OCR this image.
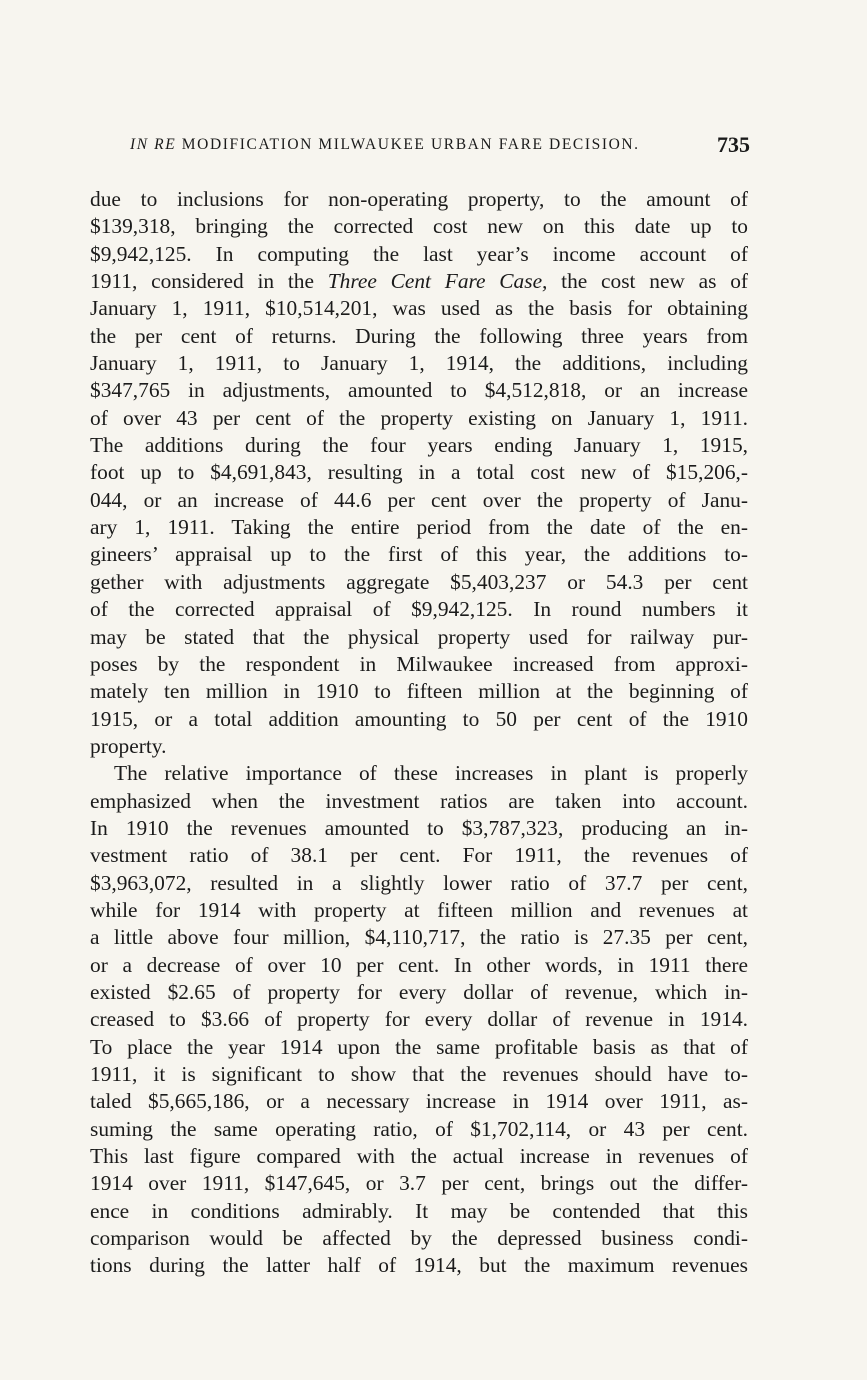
IN RE MODIFICATION MILWAUKEE URBAN FARE DECISION.	735
due to inclusions for non-operating property, to the amount of
$139,318, bringing the corrected cost new on this date up to
$9,942,125. In computing the last year’s income account of
1911, considered in the Three Cent Fare Case, the cost new as of
January 1, 1911, $10,514,201, was used as the basis for obtaining
the per cent of returns. During the following three years from
January 1, 1911, to January 1, 1914, the additions, including
$347,765 in adjustments, amounted to $4,512,818, or an increase
of over 43 per cent of the property existing on January 1, 1911.
The additions during the four years ending January 1, 1915,
foot up to $4,691,843, resulting in a total cost new of $15,206,-
044, or an increase of 44.6 per cent over the property of Janu-
ary 1, 1911. Taking the entire period from the date of the en-
gineers’ appraisal up to the first of this year, the additions to-
gether with adjustments aggregate $5,403,237 or 54.3 per cent
of the corrected appraisal of $9,942,125. In round numbers it
may be stated that the physical property used for railway pur-
poses by the respondent in Milwaukee increased from approxi-
mately ten million in 1910 to fifteen million at the beginning of
1915, or a total addition amounting to 50 per cent of the 1910
property.
The relative importance of these increases in plant is properly
emphasized when the investment ratios are taken into account.
In 1910 the revenues amounted to $3,787,323, producing an in-
vestment ratio of 38.1 per cent. For 1911, the revenues of
$3,963,072, resulted in a slightly lower ratio of 37.7 per cent,
while for 1914 with property at fifteen million and revenues at
a little above four million, $4,110,717, the ratio is 27.35 per cent,
or a decrease of over 10 per cent. In other words, in 1911 there
existed $2.65 of property for every dollar of revenue, which in-
creased to $3.66 of property for every dollar of revenue in 1914.
To place the year 1914 upon the same profitable basis as that of
1911, it is significant to show that the revenues should have to-
taled $5,665,186, or a necessary increase in 1914 over 1911, as-
suming the same operating ratio, of $1,702,114, or 43 per cent.
This last figure compared with the actual increase in revenues of
1914 over 1911, $147,645, or 3.7 per cent, brings out the differ-
ence in conditions admirably. It may be contended that this
comparison would be affected by the depressed business condi-
tions during the latter half of 1914, but the maximum revenues
